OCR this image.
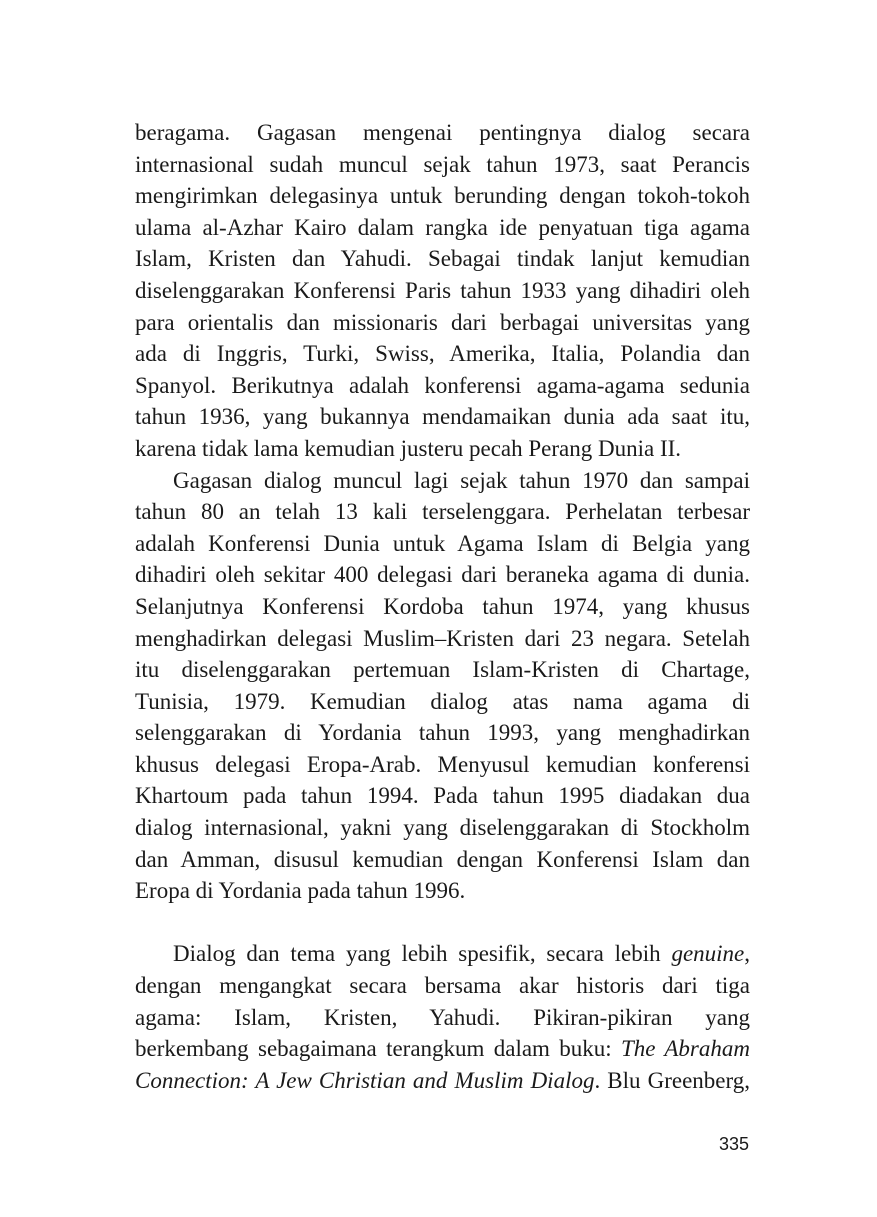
beragama. Gagasan mengenai pentingnya dialog secara
internasional sudah muncul sejak tahun 1973, saat Perancis
mengirimkan delegasinya untuk berunding dengan tokoh-tokoh
ulama al-Azhar Kairo dalam rangka ide penyatuan tiga agama
Islam, Kristen dan Yahudi. Sebagai tindak lanjut kemudian
diselenggarakan Konferensi Paris tahun 1933 yang dihadiri oleh
para orientalis dan missionaris dari berbagai universitas yang
ada di Inggris, Turki, Swiss, Amerika, Italia, Polandia dan
Spanyol. Berikutnya adalah konferensi agama-agama sedunia
tahun 1936, yang bukannya mendamaikan dunia ada saat itu,
karena tidak lama kemudian justeru pecah Perang Dunia II.
Gagasan dialog muncul lagi sejak tahun 1970 dan sampai
tahun 80 an telah 13 kali terselenggara. Perhelatan terbesar
adalah Konferensi Dunia untuk Agama Islam di Belgia yang
dihadiri oleh sekitar 400 delegasi dari beraneka agama di dunia.
Selanjutnya Konferensi Kordoba tahun 1974, yang khusus
menghadirkan delegasi Muslim–Kristen dari 23 negara. Setelah
itu diselenggarakan pertemuan Islam-Kristen di Chartage,
Tunisia, 1979. Kemudian dialog atas nama agama di
selenggarakan di Yordania tahun 1993, yang menghadirkan
khusus delegasi Eropa-Arab. Menyusul kemudian konferensi
Khartoum pada tahun 1994. Pada tahun 1995 diadakan dua
dialog internasional, yakni yang diselenggarakan di Stockholm
dan Amman, disusul kemudian dengan Konferensi Islam dan
Eropa di Yordania pada tahun 1996.
Dialog dan tema yang lebih spesifik, secara lebih genuine,
dengan mengangkat secara bersama akar historis dari tiga
agama: Islam, Kristen, Yahudi. Pikiran-pikiran yang
berkembang sebagaimana terangkum dalam buku: The Abraham
Connection: A Jew Christian and Muslim Dialog. Blu Greenberg,
335
